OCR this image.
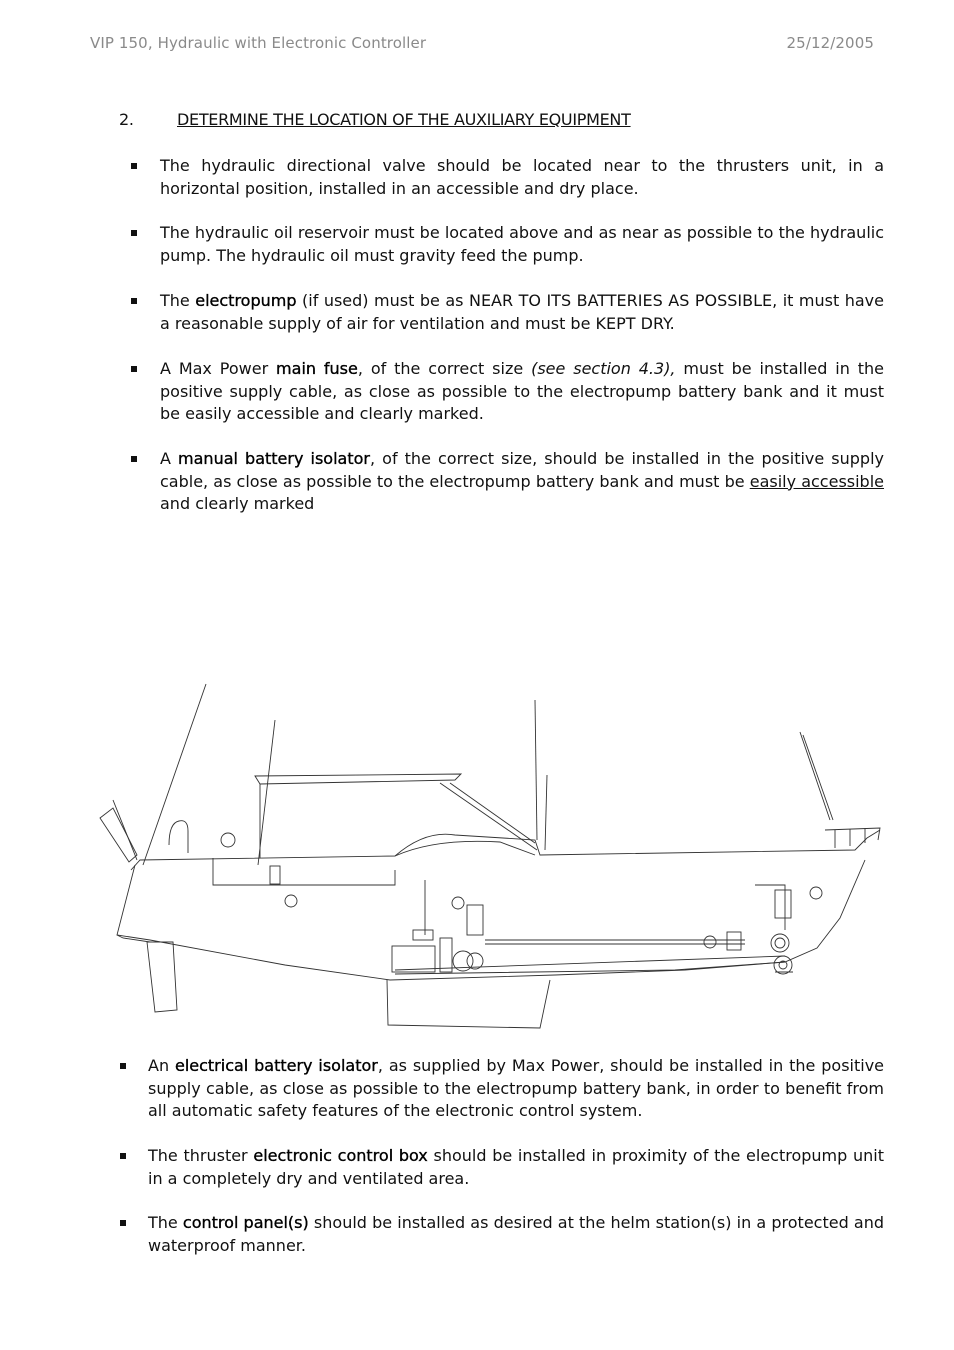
VIP 150, Hydraulic with Electronic Controller	25/12/2005
2.	DETERMINE THE LOCATION OF THE AUXILIARY EQUIPMENT
The hydraulic directional valve should be located near to the thrusters unit, in a horizontal position, installed in an accessible and dry place.
The hydraulic oil reservoir must be located above and as near as possible to the hydraulic pump. The hydraulic oil must gravity feed the pump.
The electropump (if used) must be as NEAR TO ITS BATTERIES AS POSSIBLE, it must have a reasonable supply of air for ventilation and must be KEPT DRY.
A Max Power main fuse, of the correct size (see section 4.3), must be installed in the positive supply cable, as close as possible to the electropump battery bank and it must be easily accessible and clearly marked.
A manual battery isolator, of the correct size, should be installed in the positive supply cable, as close as possible to the electropump battery bank and must be easily accessible and clearly marked
An electrical battery isolator, as supplied by Max Power, should be installed in the positive supply cable, as close as possible to the electropump battery bank, in order to benefit from all automatic safety features of the electronic control system.
The thruster electronic control box should be installed in proximity of the electropump unit in a completely dry and ventilated area.
The control panel(s) should be installed as desired at the helm station(s) in a protected and waterproof manner.
